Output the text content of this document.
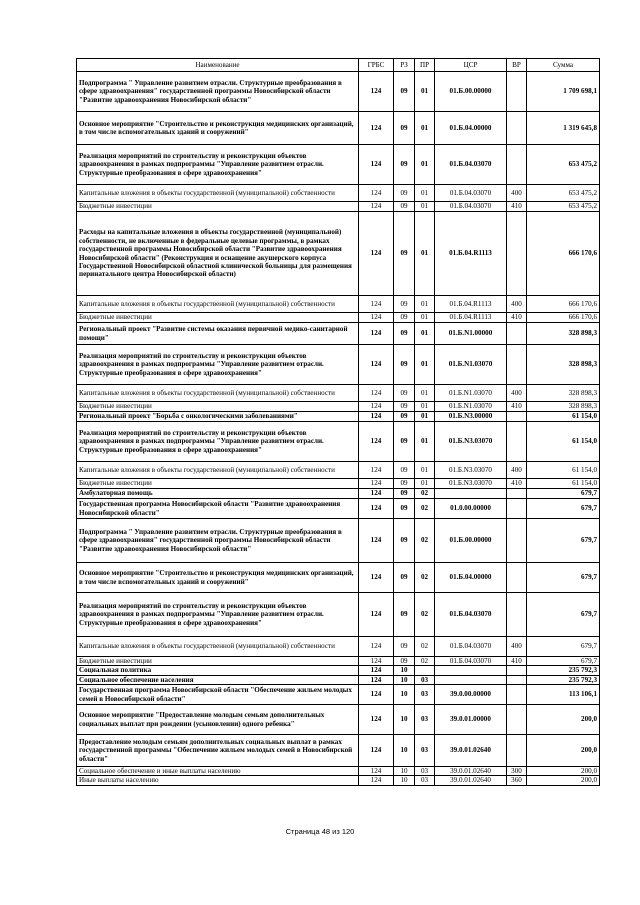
Наименование	ГРБС	РЗ	ПР	ЦСР	ВР	Сумма
Подпрограмма " Управление развитием отрасли. Структурные преобразования в сфере здравоохранения" государственной программы Новосибирской области "Развитие здравоохранения Новосибирской области"	124	09	01	01.Б.00.00000		1 709 698,1
Основное мероприятие "Строительство и реконструкция медицинских организаций, в том числе вспомогательных зданий и сооружений"	124	09	01	01.Б.04.00000		1 319 645,8
Реализация мероприятий по строительству и реконструкции объектов здравоохранения в рамках подпрограммы "Управление развитием отрасли. Структурные преобразования в сфере здравоохранения"	124	09	01	01.Б.04.03070		653 475,2
Капитальные вложения в объекты государственной (муниципальной) собственности	124	09	01	01.Б.04.03070	400	653 475,2
Бюджетные инвестиции	124	09	01	01.Б.04.03070	410	653 475,2
Расходы на капитальные вложения в объекты государственной (муниципальной) собственности, не включенные в федеральные целевые программы, в рамках государственной программы Новосибирской области "Развитие здравоохранения Новосибирской области" (Реконструкция и оснащение акушерского корпуса Государственной Новосибирской областной клинической больницы для размещения перинатального центра Новосибирской области)	124	09	01	01.Б.04.R1113		666 170,6
Капитальные вложения в объекты государственной (муниципальной) собственности	124	09	01	01.Б.04.R1113	400	666 170,6
Бюджетные инвестиции	124	09	01	01.Б.04.R1113	410	666 170,6
Региональный проект "Развитие системы оказания первичной медико-санитарной помощи"	124	09	01	01.Б.N1.00000		328 898,3
Реализация мероприятий по строительству и реконструкции объектов здравоохранения в рамках подпрограммы "Управление развитием отрасли. Структурные преобразования в сфере здравоохранения"	124	09	01	01.Б.N1.03070		328 898,3
Капитальные вложения в объекты государственной (муниципальной) собственности	124	09	01	01.Б.N1.03070	400	328 898,3
Бюджетные инвестиции	124	09	01	01.Б.N1.03070	410	328 898,3
Региональный проект "Борьба с онкологическими заболеваниями"	124	09	01	01.Б.N3.00000		61 154,0
Реализация мероприятий по строительству и реконструкции объектов здравоохранения в рамках подпрограммы "Управление развитием отрасли. Структурные преобразования в сфере здравоохранения"	124	09	01	01.Б.N3.03070		61 154,0
Капитальные вложения в объекты государственной (муниципальной) собственности	124	09	01	01.Б.N3.03070	400	61 154,0
Бюджетные инвестиции	124	09	01	01.Б.N3.03070	410	61 154,0
Амбулаторная помощь	124	09	02			679,7
Государственная программа Новосибирской области "Развитие здравоохранения Новосибирской области"	124	09	02	01.0.00.00000		679,7
Подпрограмма " Управление развитием отрасли. Структурные преобразования в сфере здравоохранения" государственной программы Новосибирской области "Развитие здравоохранения Новосибирской области"	124	09	02	01.Б.00.00000		679,7
Основное мероприятие "Строительство и реконструкция медицинских организаций, в том числе вспомогательных зданий и сооружений"	124	09	02	01.Б.04.00000		679,7
Реализация мероприятий по строительству и реконструкции объектов здравоохранения в рамках подпрограммы "Управление развитием отрасли. Структурные преобразования в сфере здравоохранения"	124	09	02	01.Б.04.03070		679,7
Капитальные вложения в объекты государственной (муниципальной) собственности	124	09	02	01.Б.04.03070	400	679,7
Бюджетные инвестиции	124	09	02	01.Б.04.03070	410	679,7
Социальная политика	124	10				235 792,3
Социальное обеспечение населения	124	10	03			235 792,3
Государственная программа Новосибирской области "Обеспечение жильем молодых семей в Новосибирской области"	124	10	03	39.0.00.00000		113 106,1
Основное мероприятие "Предоставление молодым семьям дополнительных социальных выплат при рождении (усыновлении) одного ребенка"	124	10	03	39.0.01.00000		200,0
Предоставление молодым семьям дополнительных социальных выплат в рамках государственной программы "Обеспечение жильем молодых семей в Новосибирской области"	124	10	03	39.0.01.02640		200,0
Социальное обеспечение и иные выплаты населению	124	10	03	39.0.01.02640	300	200,0
Иные выплаты населению	124	10	03	39.0.01.02640	360	200,0
Страница 48 из 120
